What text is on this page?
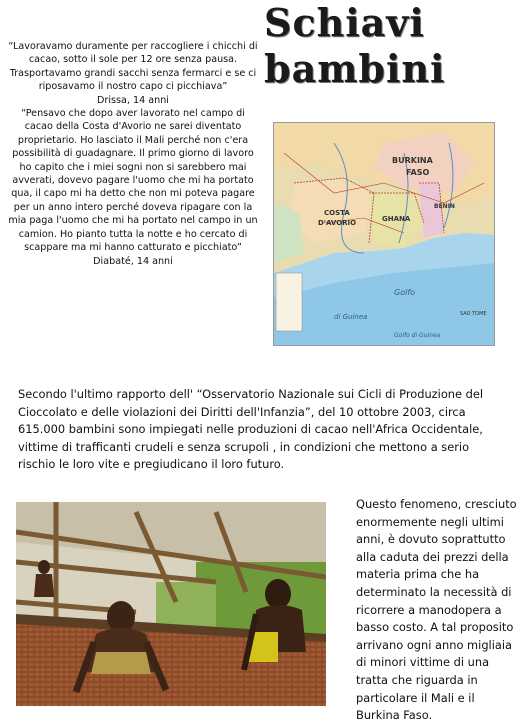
Schiavi
bambini

“Lavoravamo duramente per raccogliere i chicchi di cacao, sotto il sole per 12 ore senza pausa. Trasportavamo grandi sacchi senza fermarci e se ci riposavamo il nostro capo ci picchiava”

Drissa, 14 anni

“Pensavo che dopo aver lavorato nel campo di cacao della Costa d'Avorio ne sarei diventato proprietario. Ho lasciato il Mali perché non c'era possibilità di guadagnare. Il primo giorno di lavoro ho capito che i miei sogni non si sarebbero mai avverati, dovevo pagare l'uomo che mi ha portato qua, il capo mi ha detto che non mi poteva pagare per un anno intero perché doveva ripagare con la mia paga l'uomo che mi ha portato nel campo in un camion. Ho pianto tutta la notte e ho cercato di scappare ma mi hanno catturato e picchiato”

Diabaté, 14 anni

BURKINA
FASO
COSTA
D'AVORIO	GHANA
BENIN
Golfo
di Guinea	SAO TOME
Golfo di Guinea
Secondo l'ultimo rapporto dell' “Osservatorio Nazionale sui Cicli di Produzione del Cioccolato e delle violazioni dei Diritti dell'Infanzia”, del 10 ottobre 2003, circa 615.000 bambini sono impiegati nelle produzioni di cacao nell'Africa Occidentale, vittime di trafficanti crudeli e senza scrupoli , in condizioni che mettono a serio rischio le loro vite e pregiudicano il loro futuro.
Questo fenomeno, cresciuto enormemente negli ultimi anni, è dovuto soprattutto alla caduta dei prezzi della materia prima che ha determinato la necessità di ricorrere a manodopera a basso costo. A tal proposito arrivano ogni anno migliaia di minori vittime di una tratta che riguarda in particolare il Mali e il Burkina Faso.
